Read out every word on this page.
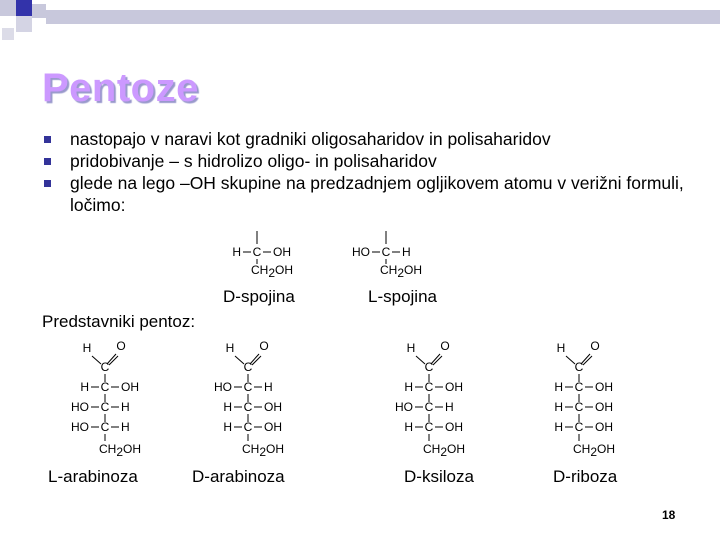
Pentoze
nastopajo v naravi kot gradniki oligosaharidov in polisaharidov
pridobivanje – s hidrolizo oligo- in polisaharidov
glede na lego –OH skupine na predzadnjem ogljikovem atomu v verižni formuli, ločimo:
D-spojina	L-spojina
Predstavniki pentoz:
L-arabinoza	D-arabinoza	D-ksiloza	D-riboza
18
C
H	OH
CH2OH
C
HO	H
CH2OH
H O
C
C
H	OH
C
HO	H
C
HO	H
CH2OH
H O
C
C
HO	H
C
H	OH
C
H	OH
CH2OH
H O
C
C
H	OH
C
HO	H
C
H	OH
CH2OH
H O
C
C
H	OH
C
H	OH
C
H	OH
CH2OH
